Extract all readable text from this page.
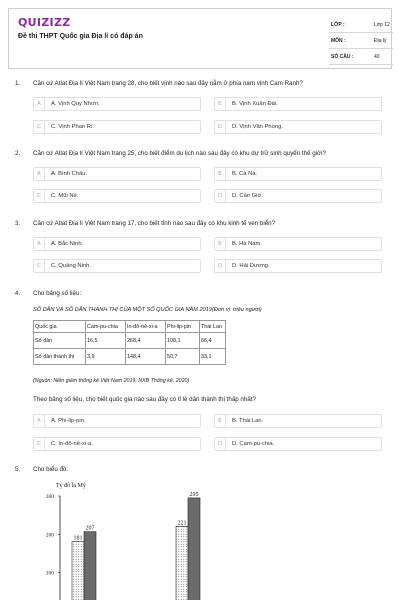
QUIZIZZ
Đề thi THPT Quốc gia Địa lí có đáp án
LỚP :	Lớp 12
MÔN :	Địa lý
SỐ CÂU :	40
1. Căn cứ Atlat Địa lí Việt Nam trang 28, cho biết vịnh nào sau đây nằm ở phía nam vịnh Cam Ranh?
A	A. Vịnh Quy Nhơn.	B	B. Vịnh Xuân Đài.
C	C. Vịnh Phan Rí.	D	D. Vịnh Văn Phong.
2. Căn cứ Atlat Địa lí Việt Nam trang 25, cho biết điểm du lịch nào sau đây có khu dự trữ sinh quyển thế giới?
A	A. Bình Châu.	B	B. Cà Ná.
C	C. Mũi Né.	D	D. Cần Giờ.
3. Căn cứ Atlat Địa lí Việt Nam trang 17, cho biết tỉnh nào sau đây có khu kinh tế ven biển?
A	A. Bắc Ninh.	B	B. Hà Nam.
C	C. Quảng Ninh.	D	D. Hải Dương.
4. Cho bảng số liệu:
SỐ DÂN VÀ SỐ DÂN THÀNH THỊ CỦA MỘT SỐ QUỐC GIA NĂM 2019(Đơn vị: triệu người)
Quốc gia	Cam-pu-chia	In-đô-nê-xi-a	Phi-lip-pin	Thái Lan
Số dân	16,5	268,4	108,1	66,4
Số dân thành thị	3,9	148,4	50,7	33,1
(Nguồn: Niên giám thống kê Việt Nam 2019, NXB Thống kê, 2020)
Theo bảng số liệu, cho biết quốc gia nào sau đây có tỉ lệ dân thành thị thấp nhất?
A	A. Phi-lip-pin.	B	B. Thái Lan.
C	C. In-đô-nê-xi-a.	D	D. Cam-pu-chia.
5. Cho biểu đồ:
Tỷ đô la Mỹ
100
200
300
181
221
207
295
